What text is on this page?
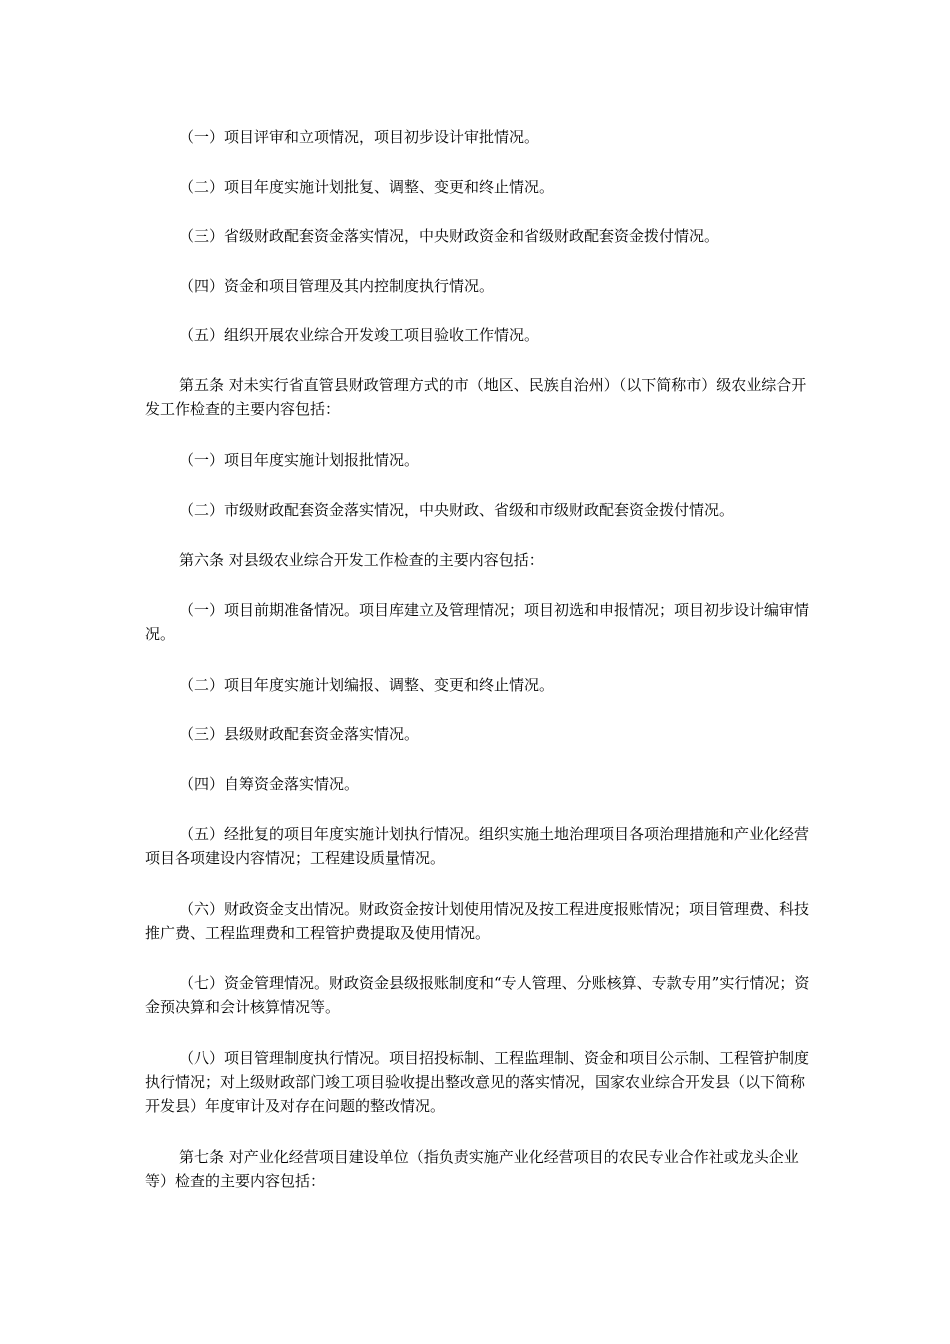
（一）项目评审和立项情况，项目初步设计审批情况。

（二）项目年度实施计划批复、调整、变更和终止情况。

（三）省级财政配套资金落实情况，中央财政资金和省级财政配套资金拨付情况。

（四）资金和项目管理及其内控制度执行情况。

（五）组织开展农业综合开发竣工项目验收工作情况。

第五条 对未实行省直管县财政管理方式的市（地区、民族自治州）（以下简称市）级农业综合开发工作检查的主要内容包括：

（一）项目年度实施计划报批情况。

（二）市级财政配套资金落实情况，中央财政、省级和市级财政配套资金拨付情况。

第六条 对县级农业综合开发工作检查的主要内容包括：

（一）项目前期准备情况。项目库建立及管理情况；项目初选和申报情况；项目初步设计编审情况。

（二）项目年度实施计划编报、调整、变更和终止情况。

（三）县级财政配套资金落实情况。

（四）自筹资金落实情况。

（五）经批复的项目年度实施计划执行情况。组织实施土地治理项目各项治理措施和产业化经营项目各项建设内容情况；工程建设质量情况。

（六）财政资金支出情况。财政资金按计划使用情况及按工程进度报账情况；项目管理费、科技推广费、工程监理费和工程管护费提取及使用情况。

（七）资金管理情况。财政资金县级报账制度和“专人管理、分账核算、专款专用”实行情况；资金预决算和会计核算情况等。

（八）项目管理制度执行情况。项目招投标制、工程监理制、资金和项目公示制、工程管护制度执行情况；对上级财政部门竣工项目验收提出整改意见的落实情况，国家农业综合开发县（以下简称开发县）年度审计及对存在问题的整改情况。

第七条 对产业化经营项目建设单位（指负责实施产业化经营项目的农民专业合作社或龙头企业等）检查的主要内容包括：
